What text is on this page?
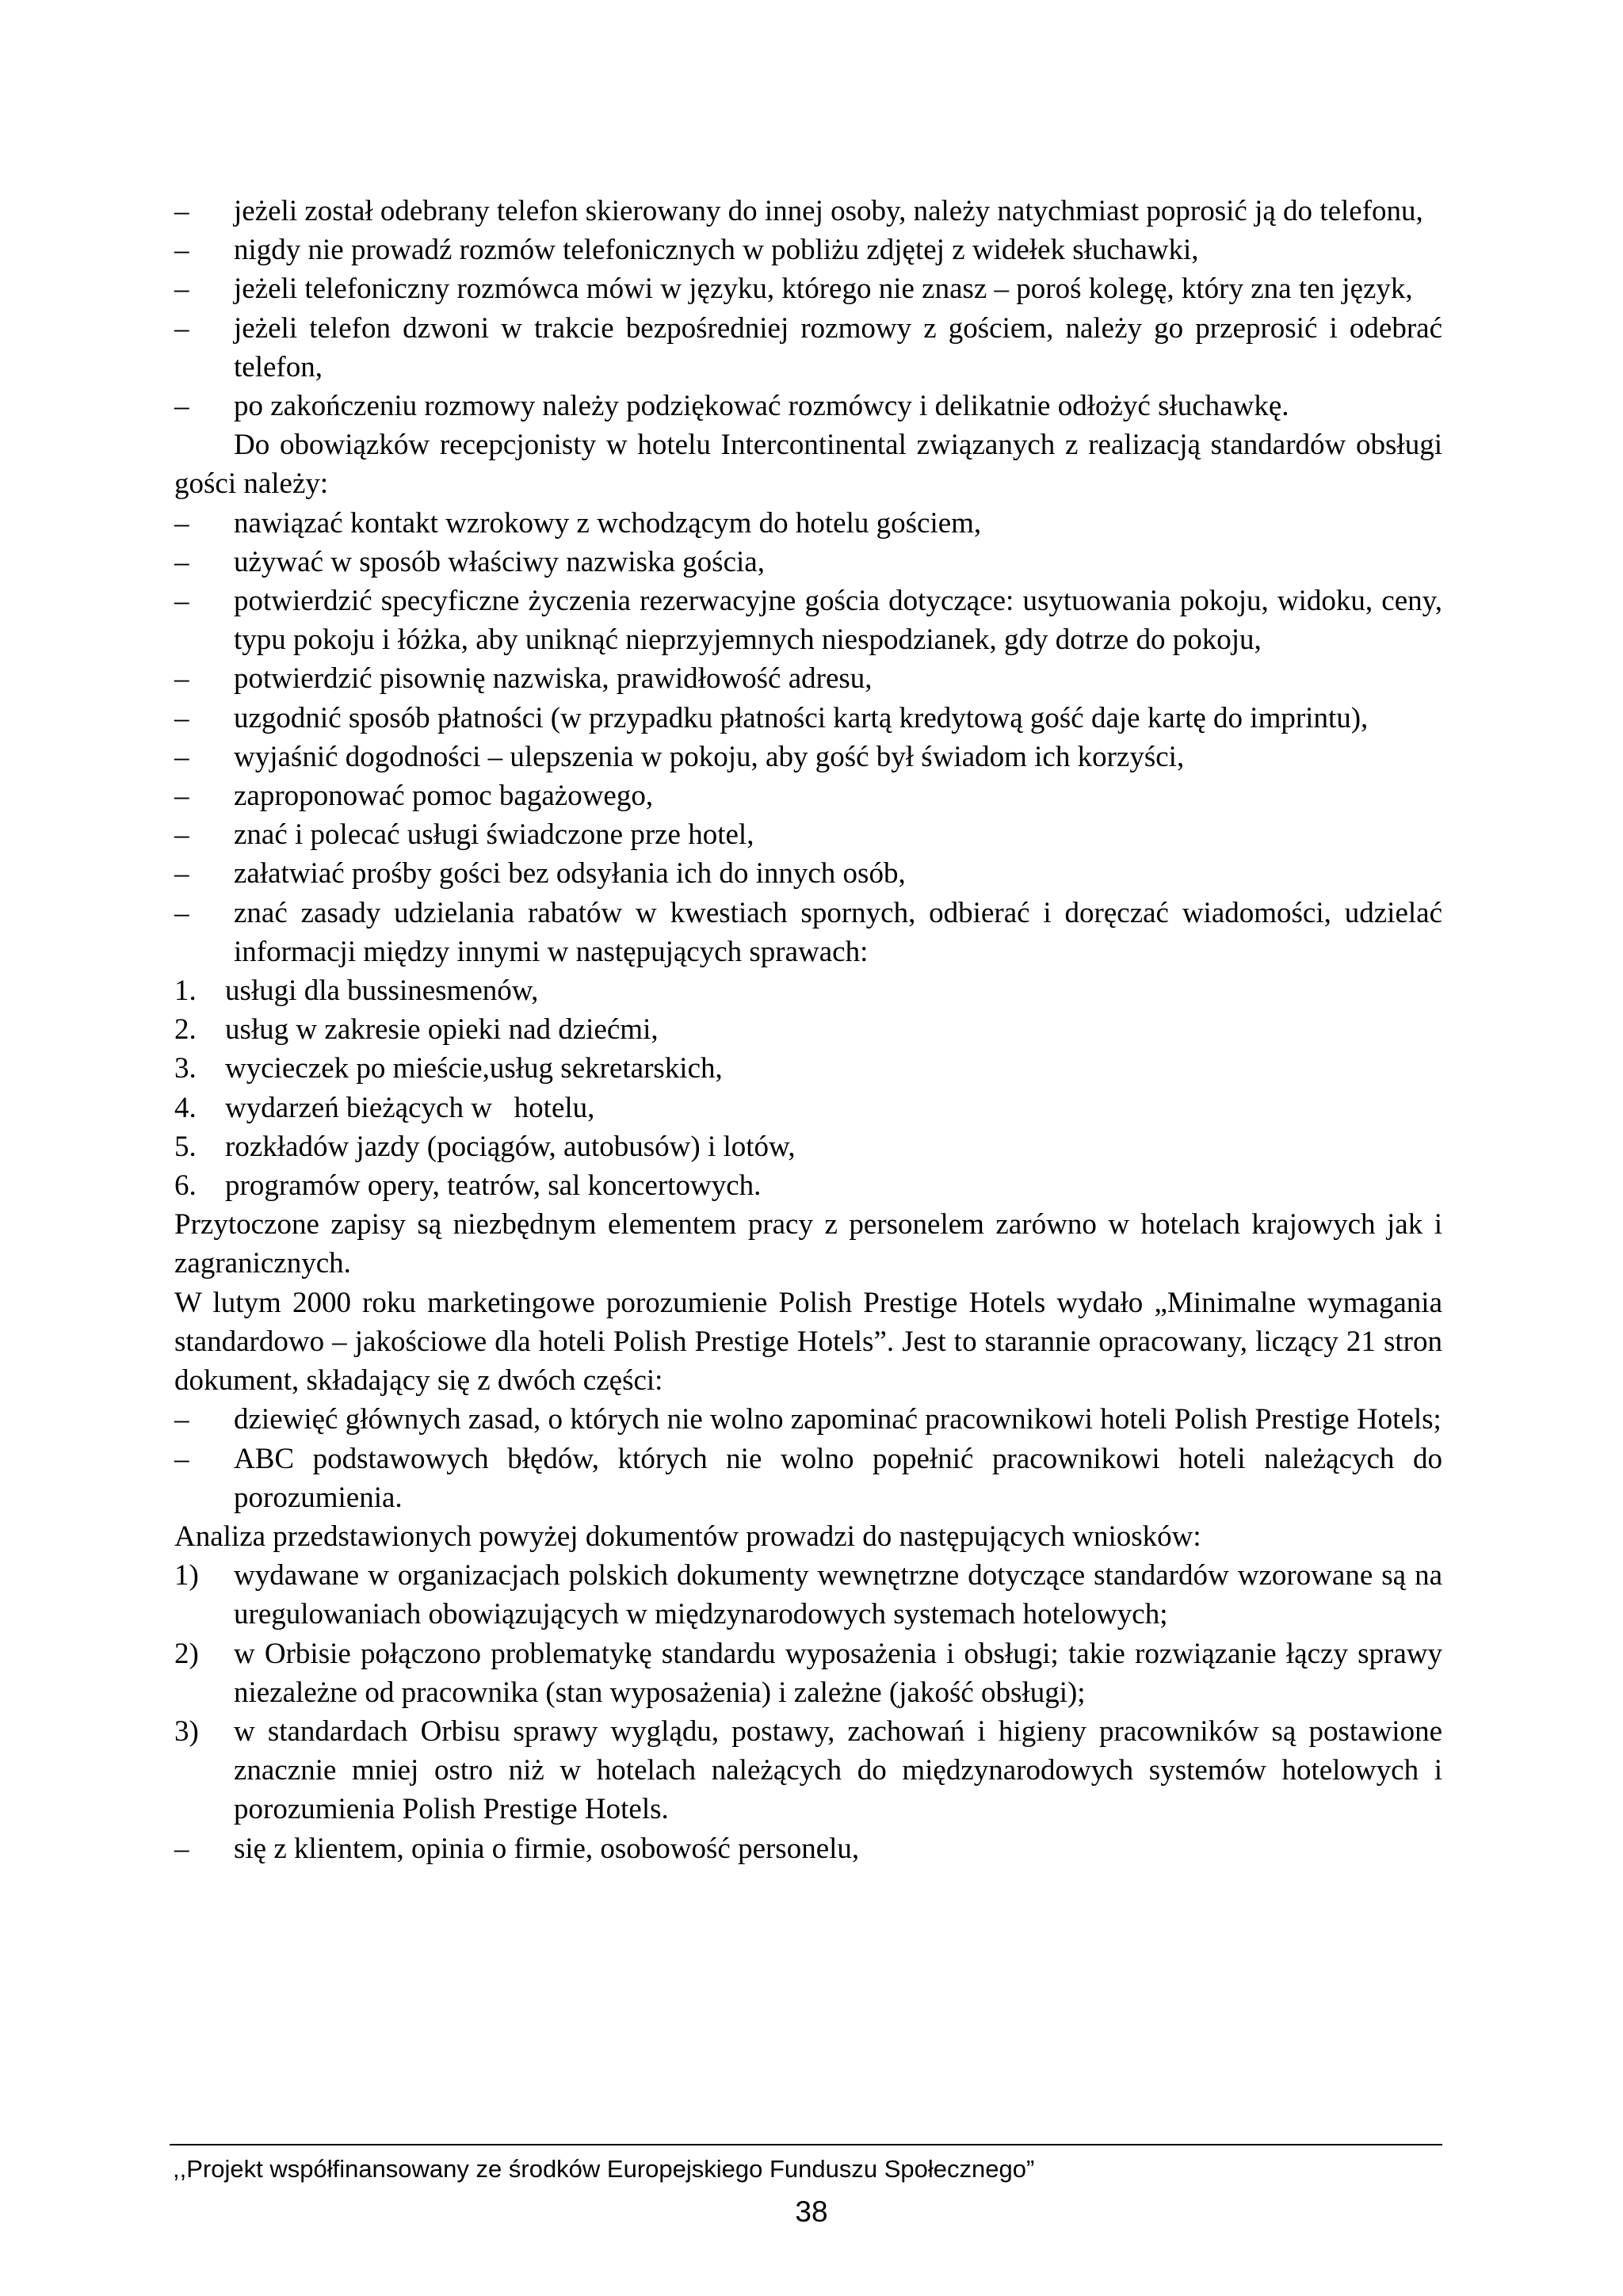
–	jeżeli został odebrany telefon skierowany do innej osoby, należy natychmiast poprosić ją do telefonu,
–	nigdy nie prowadź rozmów telefonicznych w pobliżu zdjętej z widełek słuchawki,
–	jeżeli telefoniczny rozmówca mówi w języku, którego nie znasz – poroś kolegę, który zna ten język,
–	jeżeli telefon dzwoni w trakcie bezpośredniej rozmowy z gościem, należy go przeprosić i odebrać telefon,
–	po zakończeniu rozmowy należy podziękować rozmówcy i delikatnie odłożyć słuchawkę.
Do obowiązków recepcjonisty w hotelu Intercontinental związanych z realizacją standardów obsługi gości należy:
–	nawiązać kontakt wzrokowy z wchodzącym do hotelu gościem,
–	używać w sposób właściwy nazwiska gościa,
–	potwierdzić specyficzne życzenia rezerwacyjne gościa dotyczące: usytuowania pokoju, widoku, ceny, typu pokoju i łóżka, aby uniknąć nieprzyjemnych niespodzianek, gdy dotrze do pokoju,
–	potwierdzić pisownię nazwiska, prawidłowość adresu,
–	uzgodnić sposób płatności (w przypadku płatności kartą kredytową gość daje kartę do imprintu),
–	wyjaśnić dogodności – ulepszenia w pokoju, aby gość był świadom ich korzyści,
–	zaproponować pomoc bagażowego,
–	znać i polecać usługi świadczone prze hotel,
–	załatwiać prośby gości bez odsyłania ich do innych osób,
–	znać zasady udzielania rabatów w kwestiach spornych, odbierać i doręczać wiadomości, udzielać informacji między innymi w następujących sprawach:
1. usługi dla bussinesmenów,
2. usług w zakresie opieki nad dziećmi,
3. wycieczek po mieście,usług sekretarskich,
4. wydarzeń bieżących w   hotelu,
5. rozkładów jazdy (pociągów, autobusów) i lotów,
6. programów opery, teatrów, sal koncertowych.
Przytoczone zapisy są niezbędnym elementem pracy z personelem zarówno w hotelach krajowych jak i zagranicznych.
W lutym 2000 roku marketingowe porozumienie Polish Prestige Hotels wydało „Minimalne wymagania standardowo – jakościowe dla hoteli Polish Prestige Hotels”. Jest to starannie opracowany, liczący 21 stron dokument, składający się z dwóch części:
–	dziewięć głównych zasad, o których nie wolno zapominać pracownikowi hoteli Polish Prestige Hotels;
–	ABC podstawowych błędów, których nie wolno popełnić pracownikowi hoteli należących do porozumienia.
Analiza przedstawionych powyżej dokumentów prowadzi do następujących wniosków:
1)	wydawane w organizacjach polskich dokumenty wewnętrzne dotyczące standardów wzorowane są na uregulowaniach obowiązujących w międzynarodowych systemach hotelowych;
2)	w Orbisie połączono problematykę standardu wyposażenia i obsługi; takie rozwiązanie łączy sprawy niezależne od pracownika (stan wyposażenia) i zależne (jakość obsługi);
3)	w standardach Orbisu sprawy wyglądu, postawy, zachowań i higieny pracowników są postawione znacznie mniej ostro niż w hotelach należących do międzynarodowych systemów hotelowych i porozumienia Polish Prestige Hotels.
–	się z klientem, opinia o firmie, osobowość personelu,
,,Projekt współfinansowany ze środków Europejskiego Funduszu Społecznego”
38
